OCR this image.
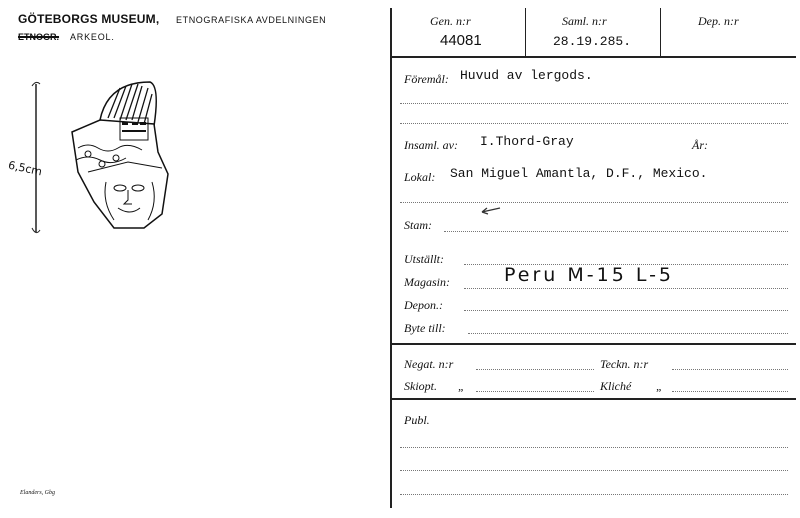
GÖTEBORGS MUSEUM, ETNOGRAFISKA AVDELNINGEN
ETNOGR. ARKEOL.
6,5cm
Elanders, Gbg
Gen. n:r
44081
Saml. n:r
28.19.285.
Dep. n:r
Föremål: Huvud av lergods.
Insaml. av: I.Thord-Gray	År:
Lokal: San Miguel Amantla, D.F., Mexico.
Stam:
Utställt:
Magasin:	Peru M-15 L-5
Depon.:
Byte till:
Negat. n:r	Teckn. n:r
Skiopt. „	Kliché „
Publ.
